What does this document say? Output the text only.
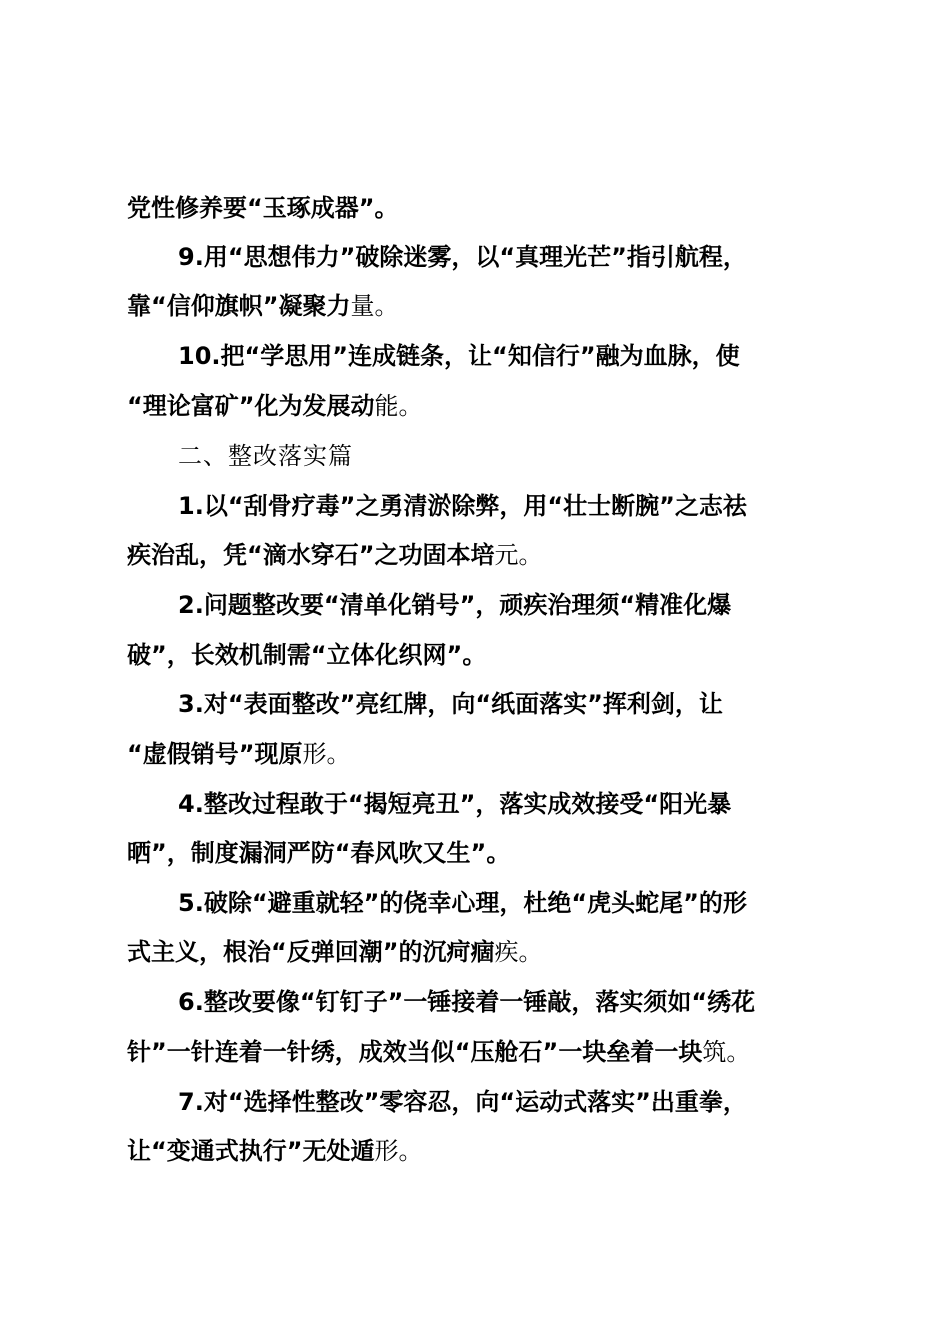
党性修养要“玉琢成器”。
9.用“思想伟力”破除迷雾，以“真理光芒”指引航程，
靠“信仰旗帜”凝聚力量。
10.把“学思用”连成链条，让“知信行”融为血脉，使
“理论富矿”化为发展动能。
二、整改落实篇
1.以“刮骨疗毒”之勇清淤除弊，用“壮士断腕”之志祛
疾治乱，凭“滴水穿石”之功固本培元。
2.问题整改要“清单化销号”，顽疾治理须“精准化爆
破”，长效机制需“立体化织网”。
3.对“表面整改”亮红牌，向“纸面落实”挥利剑，让
“虚假销号”现原形。
4.整改过程敢于“揭短亮丑”，落实成效接受“阳光暴
晒”，制度漏洞严防“春风吹又生”。
5.破除“避重就轻”的侥幸心理，杜绝“虎头蛇尾”的形
式主义，根治“反弹回潮”的沉疴痼疾。
6.整改要像“钉钉子”一锤接着一锤敲，落实须如“绣花
针”一针连着一针绣，成效当似“压舱石”一块垒着一块筑。
7.对“选择性整改”零容忍，向“运动式落实”出重拳，
让“变通式执行”无处遁形。
